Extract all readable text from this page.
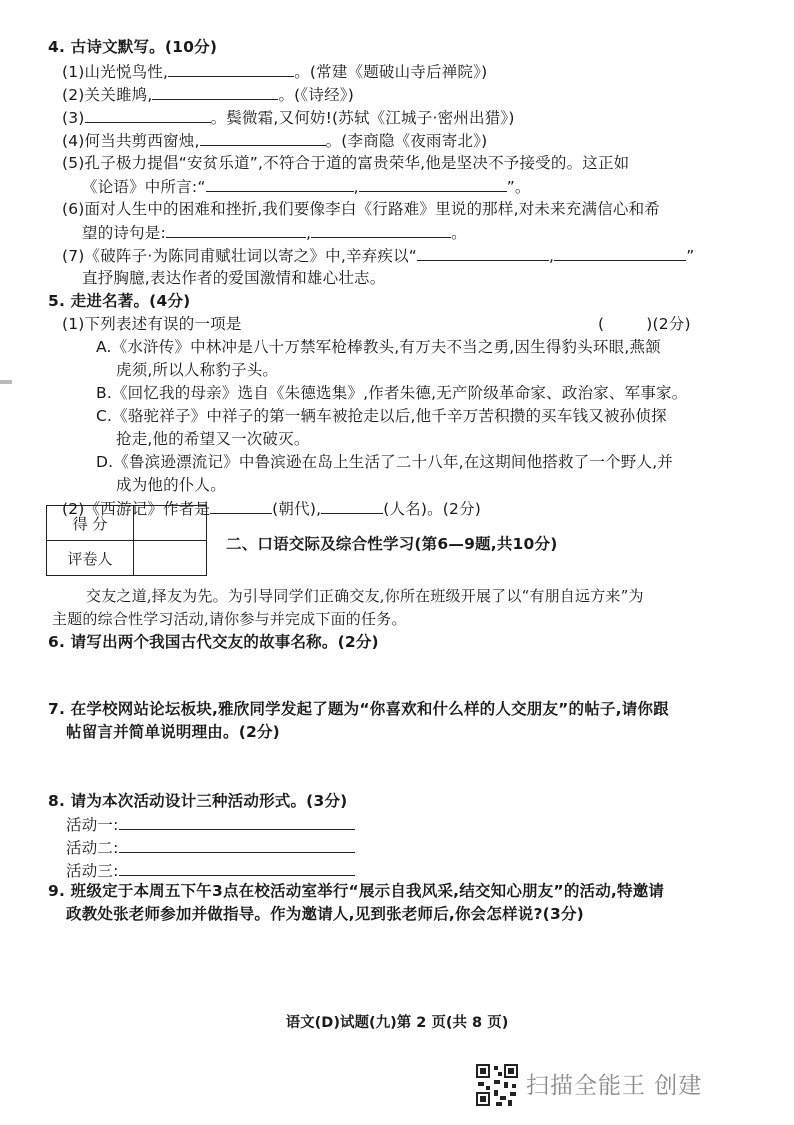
4. 古诗文默写。(10分)
(1)山光悦鸟性,	。(常建《题破山寺后禅院》)
(2)关关雎鸠,	。(《诗经》)
(3)	。鬓微霜,又何妨!(苏轼《江城子·密州出猎》)
(4)何当共剪西窗烛,	。(李商隐《夜雨寄北》)
(5)孔子极力提倡“安贫乐道”,不符合于道的富贵荣华,他是坚决不予接受的。这正如
《论语》中所言:“	,	”。
(6)面对人生中的困难和挫折,我们要像李白《行路难》里说的那样,对未来充满信心和希
望的诗句是:	,	。
(7)《破阵子·为陈同甫赋壮词以寄之》中,辛弃疾以“	,	”
直抒胸臆,表达作者的爱国激情和雄心壮志。
5. 走进名著。(4分)
(1)下列表述有误的一项是	(	)(2分)
A.《水浒传》中林冲是八十万禁军枪棒教头,有万夫不当之勇,因生得豹头环眼,燕颔
虎须,所以人称豹子头。
B.《回忆我的母亲》选自《朱德选集》,作者朱德,无产阶级革命家、政治家、军事家。
C.《骆驼祥子》中祥子的第一辆车被抢走以后,他千辛万苦积攒的买车钱又被孙侦探
抢走,他的希望又一次破灭。
D.《鲁滨逊漂流记》中鲁滨逊在岛上生活了二十八年,在这期间他搭救了一个野人,并
成为他的仆人。
(2)《西游记》作者是	(朝代),	(人名)。(2分)
得 分	
评卷人	
二、口语交际及综合性学习(第6—9题,共10分)
交友之道,择友为先。为引导同学们正确交友,你所在班级开展了以“有朋自远方来”为
主题的综合性学习活动,请你参与并完成下面的任务。
6. 请写出两个我国古代交友的故事名称。(2分)
7. 在学校网站论坛板块,雅欣同学发起了题为“你喜欢和什么样的人交朋友”的帖子,请你跟
帖留言并简单说明理由。(2分)
8. 请为本次活动设计三种活动形式。(3分)
活动一:
活动二:
活动三:
9. 班级定于本周五下午3点在校活动室举行“展示自我风采,结交知心朋友”的活动,特邀请
政教处张老师参加并做指导。作为邀请人,见到张老师后,你会怎样说?(3分)
语文(D)试题(九)第 2 页(共 8 页)
扫描全能王 创建
